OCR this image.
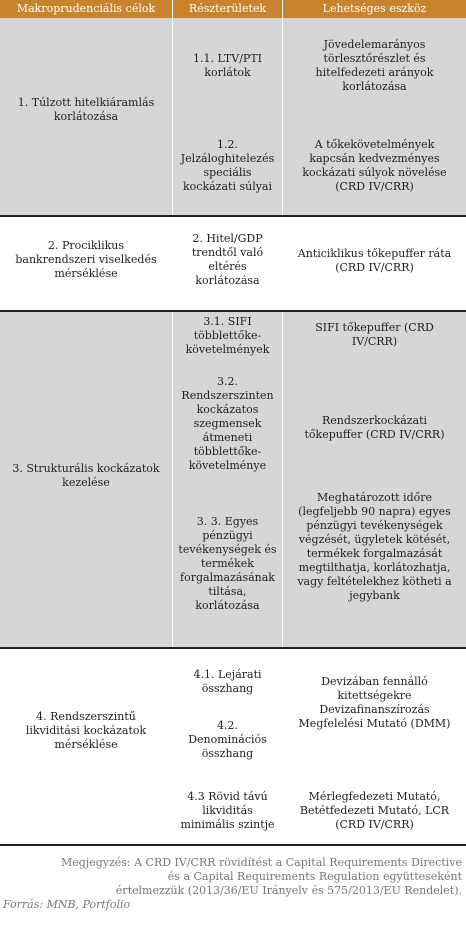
Makroprudenciális célok	Részterületek	Lehetséges eszköz
1. Túlzott hitelkiáramlás
korlátozása
1.1. LTV/PTI
korlátok
Jövedelemarányos
törlesztőrészlet és
hitelfedezeti arányok
korlátozása
1.2.
Jelzáloghitelezés
speciális
kockázati súlyai
A tőkekövetelmények
kapcsán kedvezményes
kockázati súlyok növelése
(CRD IV/CRR)
2. Prociklikus
bankrendszeri viselkedés
mérséklése
2. Hitel/GDP
trendtől való
eltérés
korlátozása
Anticiklikus tőkepuffer ráta
(CRD IV/CRR)
3. Strukturális kockázatok
kezelése
3.1. SIFI
többlettőke-
követelmények
SIFI tőkepuffer (CRD
IV/CRR)
3.2.
Rendszerszinten
kockázatos
szegmensek
átmeneti
többlettőke-
követelménye
Rendszerkockázati
tőkepuffer (CRD IV/CRR)
3. 3. Egyes
pénzügyi
tevékenységek és
termékek
forgalmazásának
tiltása,
korlátozása
Meghatározott időre
(legfeljebb 90 napra) egyes
pénzügyi tevékenységek
végzését, ügyletek kötését,
termékek forgalmazását
megtilthatja, korlátozhatja,
vagy feltételekhez kötheti a
jegybank
4. Rendszerszintű
likviditási kockázatok
mérséklése
4.1. Lejárati
összhang
Devizában fennálló
kitettségekre
Devizafinanszírozás
Megfelelési Mutató (DMM)
4.2.
Denominációs
összhang
4.3 Rövid távú
likviditás
minimális szintje
Mérlegfedezeti Mutató,
Betétfedezeti Mutató, LCR
(CRD IV/CRR)
Megjegyzés: A CRD IV/CRR rövidítést a Capital Requirements Directive
és a Capital Requirements Regulation együtteseként
értelmezzük (2013/36/EU Irányelv és 575/2013/EU Rendelet).
Forrás: MNB, Portfolio
